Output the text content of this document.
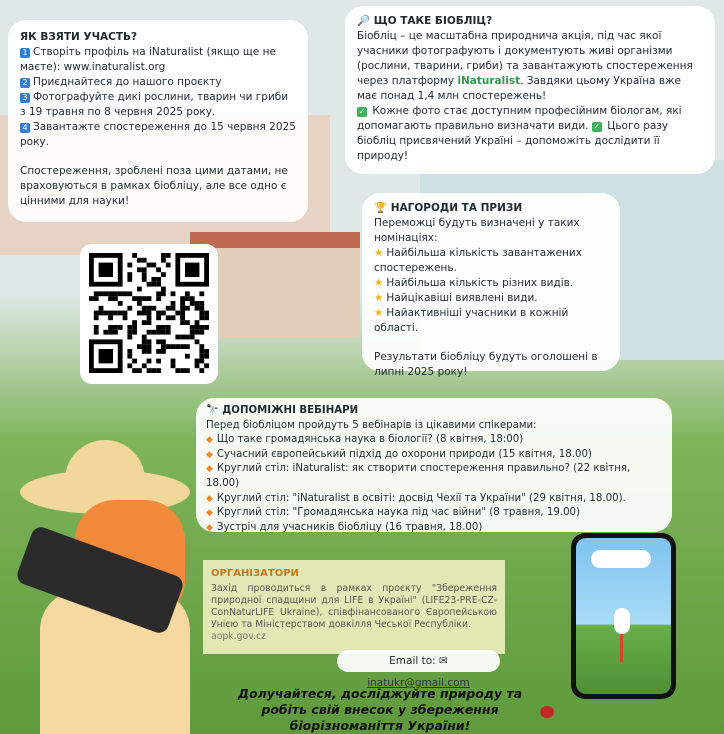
ЯК ВЗЯТИ УЧАСТЬ?

1 Створіть профіль на iNaturalist (якщо ще не маєте): www.inaturalist.org

2 Приєднайтеся до нашого проєкту

3 Фотографуйте дикі рослини, тварин чи гриби з 19 травня по 8 червня 2025 року.

4 Завантажте спостереження до 15 червня 2025 року.

Спостереження, зроблені поза цими датами, не враховуються в рамках біобліцу, але все одно є цінними для науки!

🔎 ЩО ТАКЕ БІОБЛІЦ?

Біобліц – це масштабна природнича акція, під час якої учасники фотографують і документують живі організми (рослини, тварини, гриби) та завантажують спостереження через платформу iNaturalist. Завдяки цьому Україна вже має понад 1,4 млн спостережень!

✓ Кожне фото стає доступним професійним біологам, які допомагають правильно визначати види. ✓ Цього разу біобліц присвячений Україні – допоможіть дослідити її природу!

🏆 НАГОРОДИ ТА ПРИЗИ

Переможці будуть визначені у таких номінаціях:

★ Найбільша кількість завантажених спостережень.

★ Найбільша кількість різних видів.

★ Найцікавіші виявлені види.

★ Найактивніші учасники в кожній області.

Результати біобліцу будуть оголошені в липні 2025 року!

🔭 ДОПОМІЖНІ ВЕБІНАРИ

Перед біобліцом пройдуть 5 вебінарів із цікавими спікерами:

◆ Що таке громадянська наука в біології? (8 квітня, 18:00)
◆ Сучасний європейський підхід до охорони природи (15 квітня, 18.00)
◆ Круглий стіл: iNaturalist: як створити спостереження правильно? (22 квітня, 18.00)
◆ Круглий стіл: "iNaturalist в освіті: досвід Чехії та України" (29 квітня, 18.00).
◆ Круглий стіл: "Громадянська наука під час війни" (8 травня, 19.00)
◆ Зустріч для учасників біобліцу (16 травня, 18.00)
ОРГАНІЗАТОРИ
Захід проводиться в рамках проєкту "Збереження природної спадщини для LIFE в Україні" (LIFE23-PRE-CZ-ConNaturLIFE Ukraine), співфінансованого Європейською Унією та Міністерством довкілля Чеської Республіки.
aopk.gov.cz
Email to: ✉ inatukr@gmail.com
Долучайтеся, досліджуйте природу та робіть свій внесок у збереження біорізноманіття України!
